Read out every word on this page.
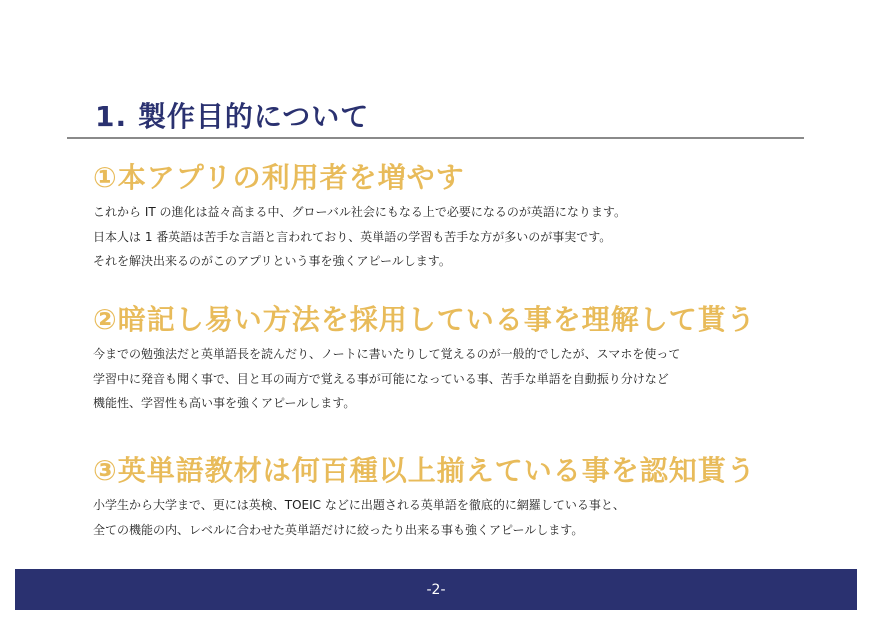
1. 製作目的について
①本アプリの利用者を増やす
これから IT の進化は益々高まる中、グローバル社会にもなる上で必要になるのが英語になります。
日本人は 1 番英語は苦手な言語と言われており、英単語の学習も苦手な方が多いのが事実です。
それを解決出来るのがこのアプリという事を強くアピールします。
②暗記し易い方法を採用している事を理解して貰う
今までの勉強法だと英単語長を読んだり、ノートに書いたりして覚えるのが一般的でしたが、スマホを使って
学習中に発音も聞く事で、目と耳の両方で覚える事が可能になっている事、苦手な単語を自動振り分けなど
機能性、学習性も高い事を強くアピールします。
③英単語教材は何百種以上揃えている事を認知貰う
小学生から大学まで、更には英検、TOEIC などに出題される英単語を徹底的に網羅している事と、
全ての機能の内、レベルに合わせた英単語だけに絞ったり出来る事も強くアピールします。
-2-
